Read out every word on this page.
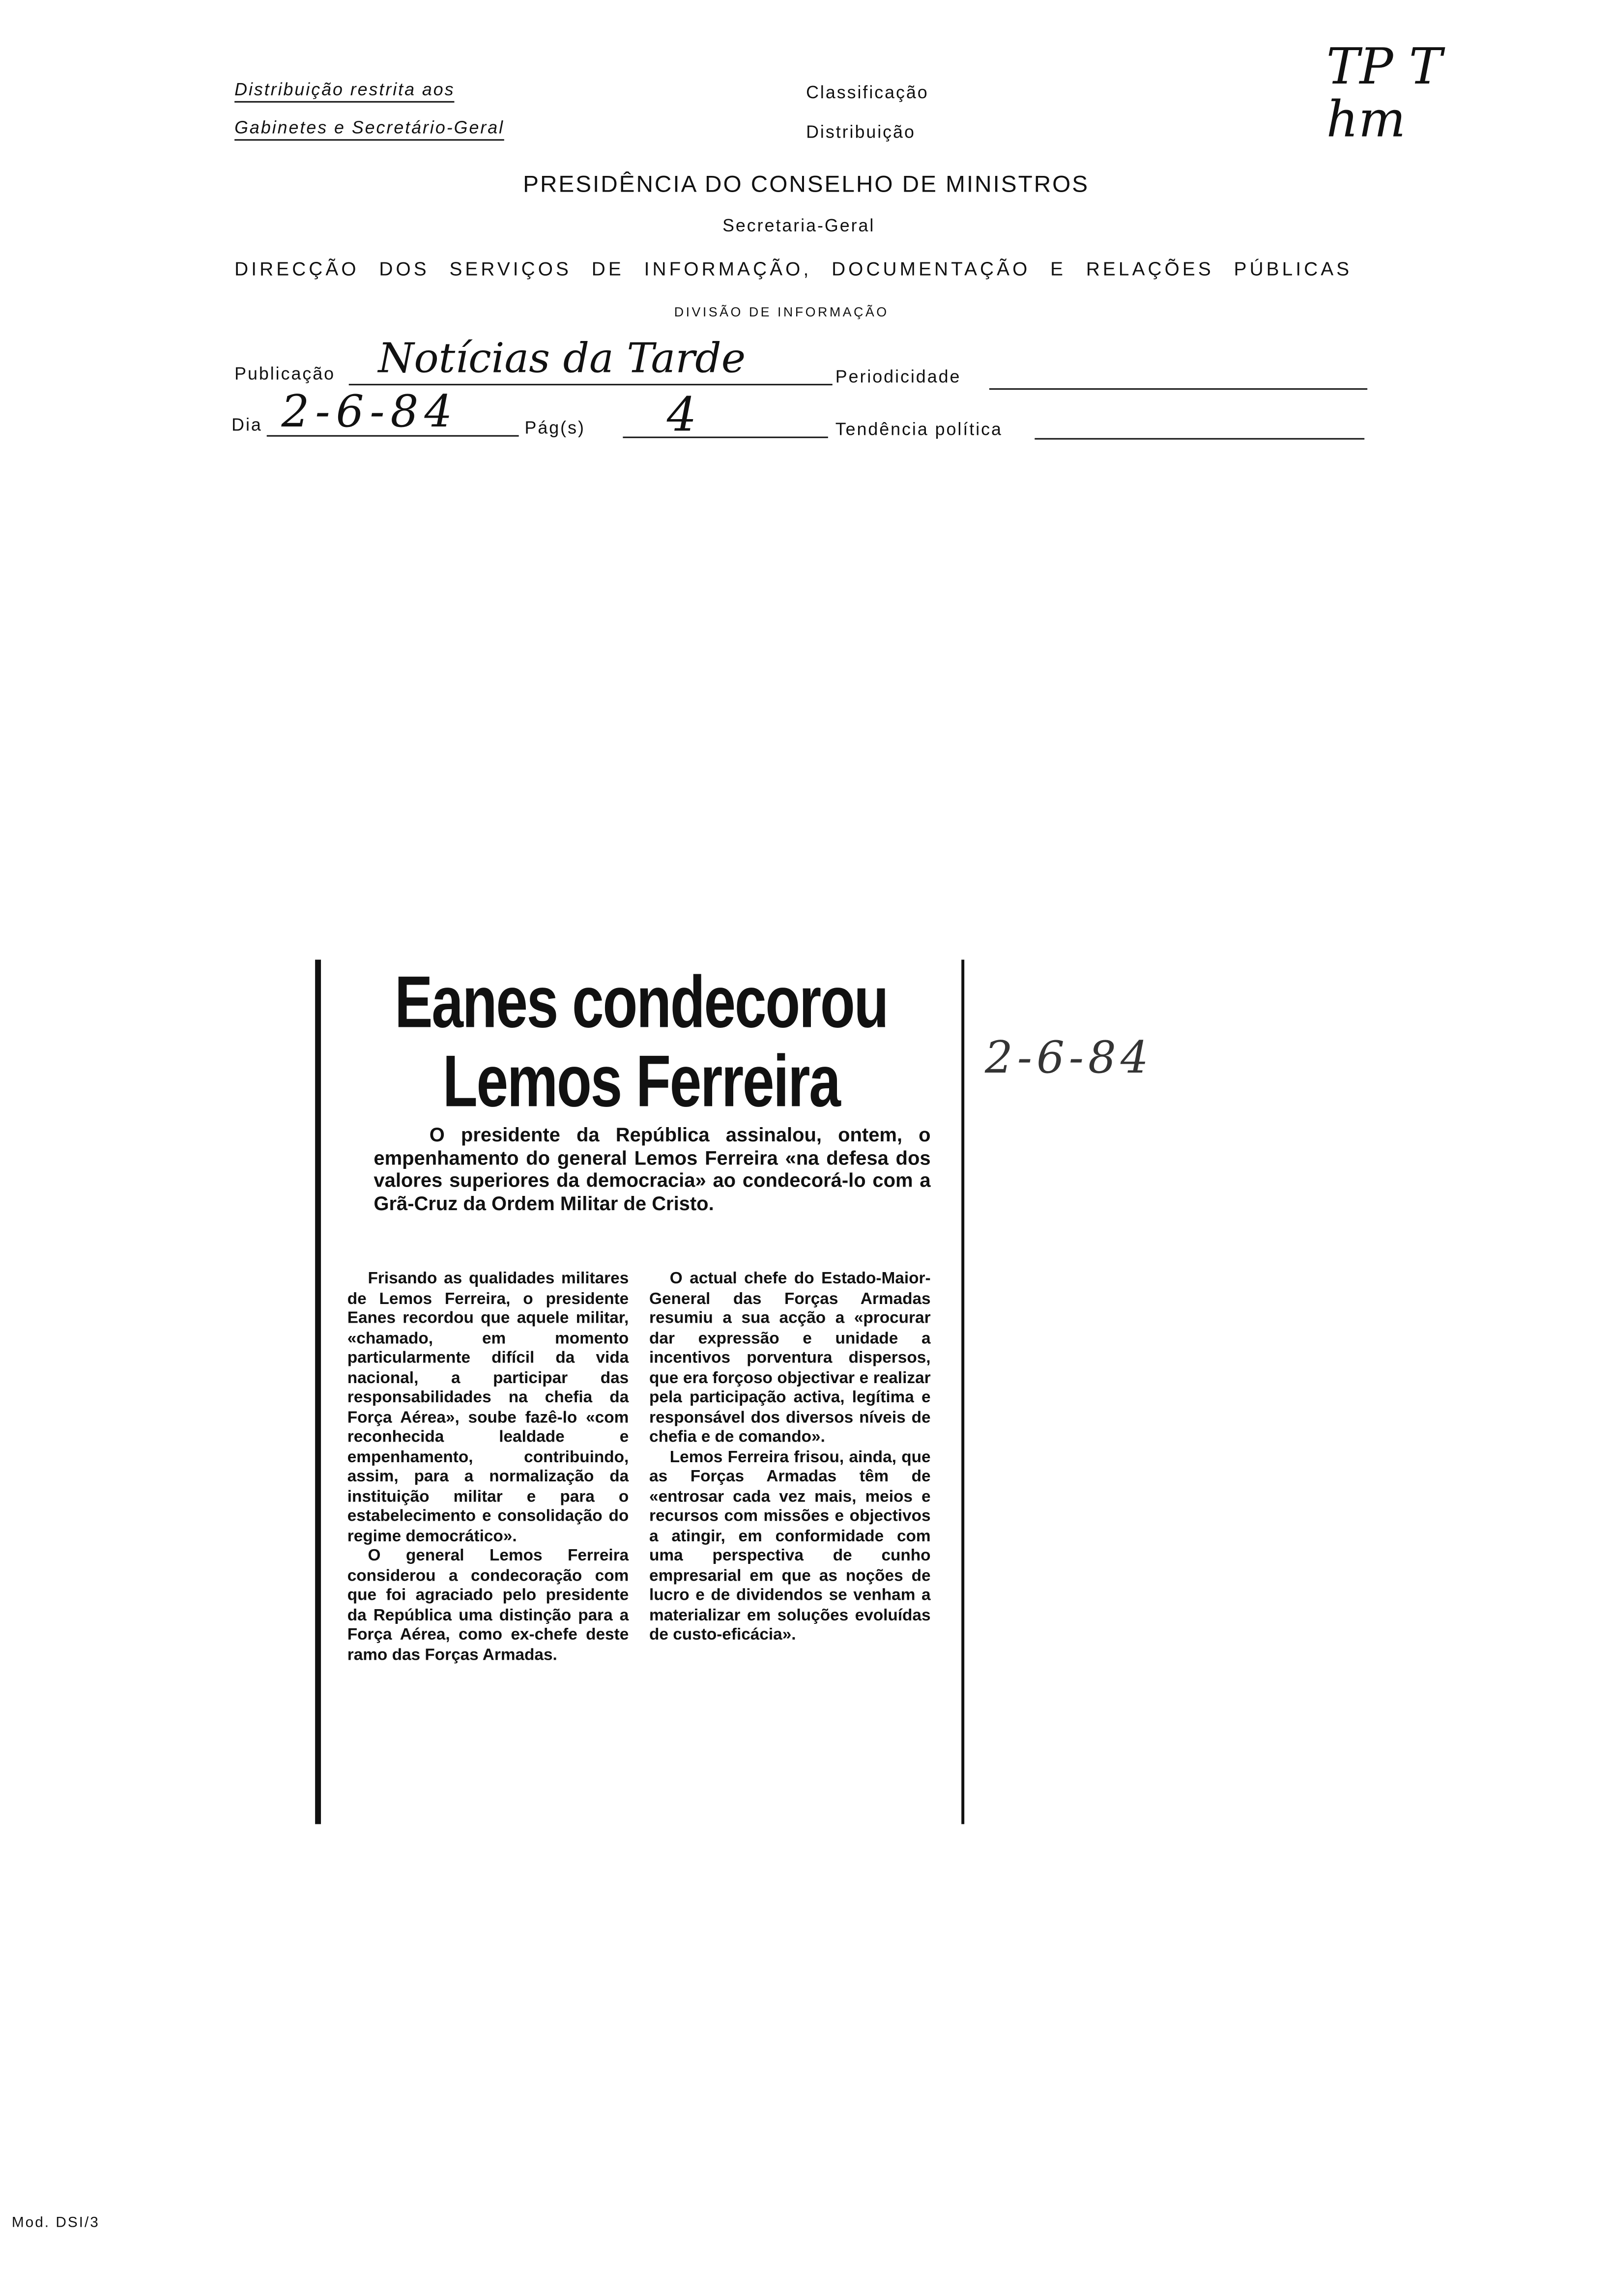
Distribuição restrita aos
Gabinetes e Secretário-Geral
Classificação
Distribuição
TP T hm
PRESIDÊNCIA DO CONSELHO DE MINISTROS
Secretaria-Geral
DIRECÇÃO DOS SERVIÇOS DE INFORMAÇÃO, DOCUMENTAÇÃO E RELAÇÕES PÚBLICAS
DIVISÃO DE INFORMAÇÃO
Publicação	Notícias da Tarde	Periodicidade
Dia 2-6-84	Pág(s)	4	Tendência política
Eanes condecorou
Lemos Ferreira
O presidente da República assinalou, ontem, o empenhamento do general Lemos Ferreira «na defesa dos valores superiores da democracia» ao condecorá-lo com a Grã-Cruz da Ordem Militar de Cristo.

Frisando as qualidades militares de Lemos Ferreira, o presidente Eanes recordou que aquele militar, «chamado, em momento particularmente difícil da vida nacional, a participar das responsabilidades na chefia da Força Aérea», soube fazê-lo «com reconhecida lealdade e empenhamento, contribuindo, assim, para a normalização da instituição militar e para o estabelecimento e consolidação do regime democrático».

O general Lemos Ferreira considerou a condecoração com que foi agraciado pelo presidente da República uma distinção para a Força Aérea, como ex-chefe deste ramo das Forças Armadas.

O actual chefe do Estado-Maior-General das Forças Armadas resumiu a sua acção a «procurar dar expressão e unidade a incentivos porventura dispersos, que era forçoso objectivar e realizar pela participação activa, legítima e responsável dos diversos níveis de chefia e de comando».

Lemos Ferreira frisou, ainda, que as Forças Armadas têm de «entrosar cada vez mais, meios e recursos com missões e objectivos a atingir, em conformidade com uma perspectiva de cunho empresarial em que as noções de lucro e de dividendos se venham a materializar em soluções evoluídas de custo-eficácia».

2-6-84
Mod. DSI/3
